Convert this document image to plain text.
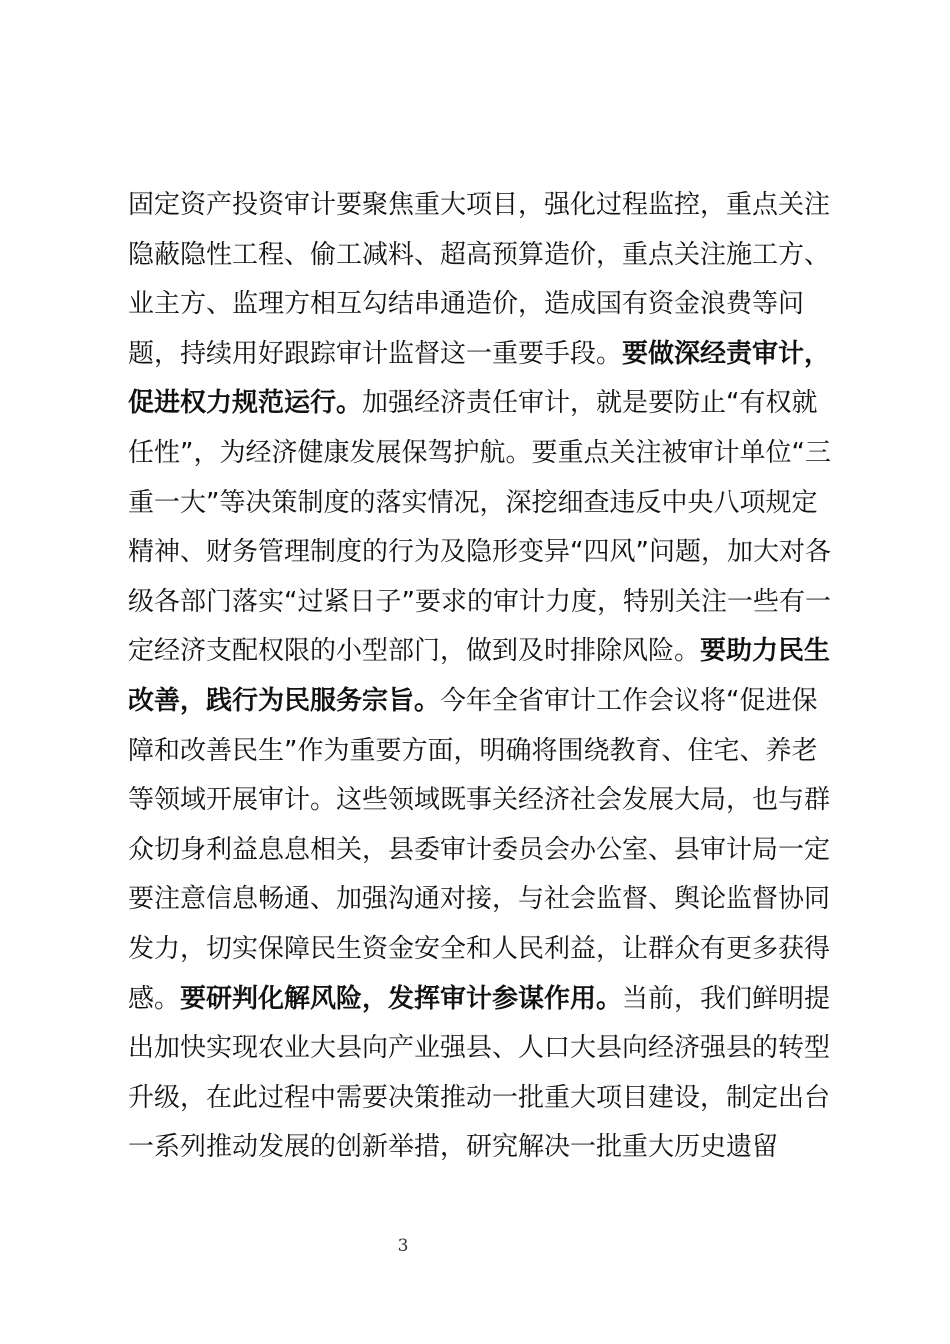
固定资产投资审计要聚焦重大项目，强化过程监控，重点关注隐蔽隐性工程、偷工减料、超高预算造价，重点关注施工方、业主方、监理方相互勾结串通造价，造成国有资金浪费等问题，持续用好跟踪审计监督这一重要手段。要做深经责审计，促进权力规范运行。加强经济责任审计，就是要防止“有权就任性”，为经济健康发展保驾护航。要重点关注被审计单位“三重一大”等决策制度的落实情况，深挖细查违反中央八项规定精神、财务管理制度的行为及隐形变异“四风”问题，加大对各级各部门落实“过紧日子”要求的审计力度，特别关注一些有一定经济支配权限的小型部门，做到及时排除风险。要助力民生改善，践行为民服务宗旨。今年全省审计工作会议将“促进保障和改善民生”作为重要方面，明确将围绕教育、住宅、养老等领域开展审计。这些领域既事关经济社会发展大局，也与群众切身利益息息相关，县委审计委员会办公室、县审计局一定要注意信息畅通、加强沟通对接，与社会监督、舆论监督协同发力，切实保障民生资金安全和人民利益，让群众有更多获得感。要研判化解风险，发挥审计参谋作用。当前，我们鲜明提出加快实现农业大县向产业强县、人口大县向经济强县的转型升级，在此过程中需要决策推动一批重大项目建设，制定出台一系列推动发展的创新举措，研究解决一批重大历史遗留

3
